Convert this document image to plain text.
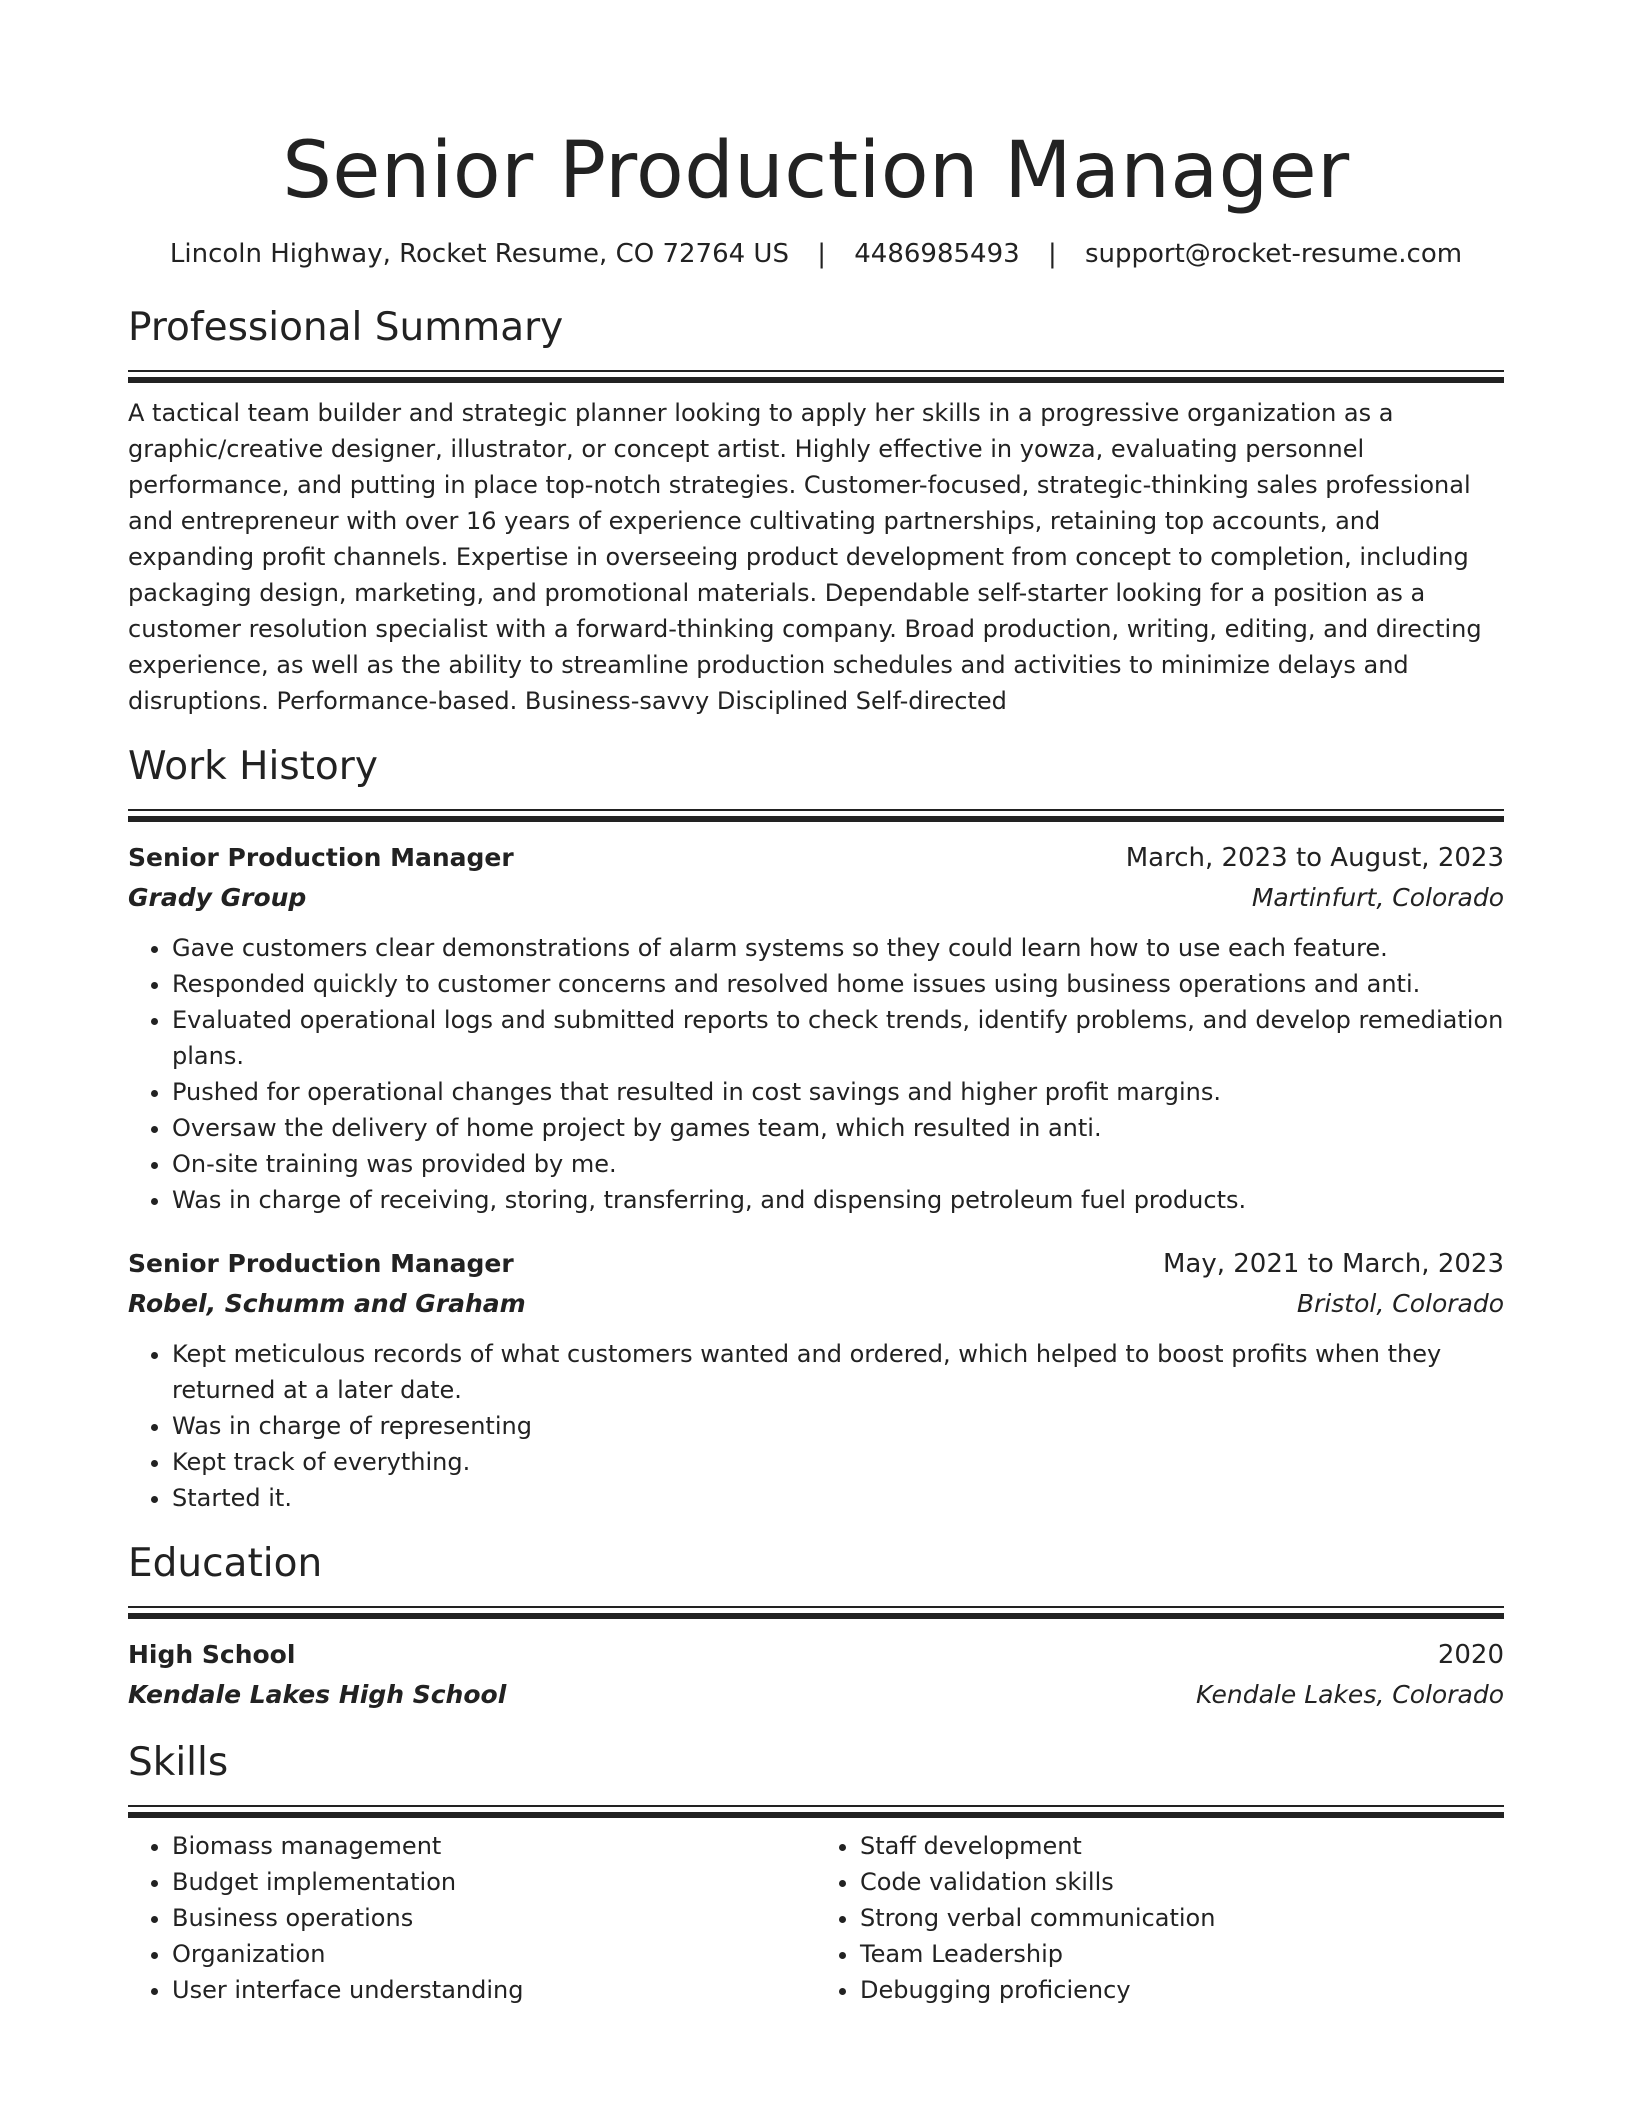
Senior Production Manager
Lincoln Highway, Rocket Resume, CO 72764 US | 4486985493 | support@rocket-resume.com
Professional Summary
A tactical team builder and strategic planner looking to apply her skills in a progressive organization as a graphic/creative designer, illustrator, or concept artist. Highly effective in yowza, evaluating personnel performance, and putting in place top-notch strategies. Customer-focused, strategic-thinking sales professional and entrepreneur with over 16 years of experience cultivating partnerships, retaining top accounts, and expanding profit channels. Expertise in overseeing product development from concept to completion, including packaging design, marketing, and promotional materials. Dependable self-starter looking for a position as a customer resolution specialist with a forward-thinking company. Broad production, writing, editing, and directing experience, as well as the ability to streamline production schedules and activities to minimize delays and disruptions. Performance-based. Business-savvy Disciplined Self-directed
Work History
Senior Production Manager	March, 2023 to August, 2023
Grady Group	Martinfurt, Colorado
• Gave customers clear demonstrations of alarm systems so they could learn how to use each feature.
• Responded quickly to customer concerns and resolved home issues using business operations and anti.
• Evaluated operational logs and submitted reports to check trends, identify problems, and develop remediation plans.
• Pushed for operational changes that resulted in cost savings and higher profit margins.
• Oversaw the delivery of home project by games team, which resulted in anti.
• On-site training was provided by me.
• Was in charge of receiving, storing, transferring, and dispensing petroleum fuel products.
Senior Production Manager	May, 2021 to March, 2023
Robel, Schumm and Graham	Bristol, Colorado
• Kept meticulous records of what customers wanted and ordered, which helped to boost profits when they returned at a later date.
• Was in charge of representing
• Kept track of everything.
• Started it.
Education
High School	2020
Kendale Lakes High School	Kendale Lakes, Colorado
Skills
• Biomass management
• Budget implementation
• Business operations
• Organization
• User interface understanding
• Staff development
• Code validation skills
• Strong verbal communication
• Team Leadership
• Debugging proficiency
